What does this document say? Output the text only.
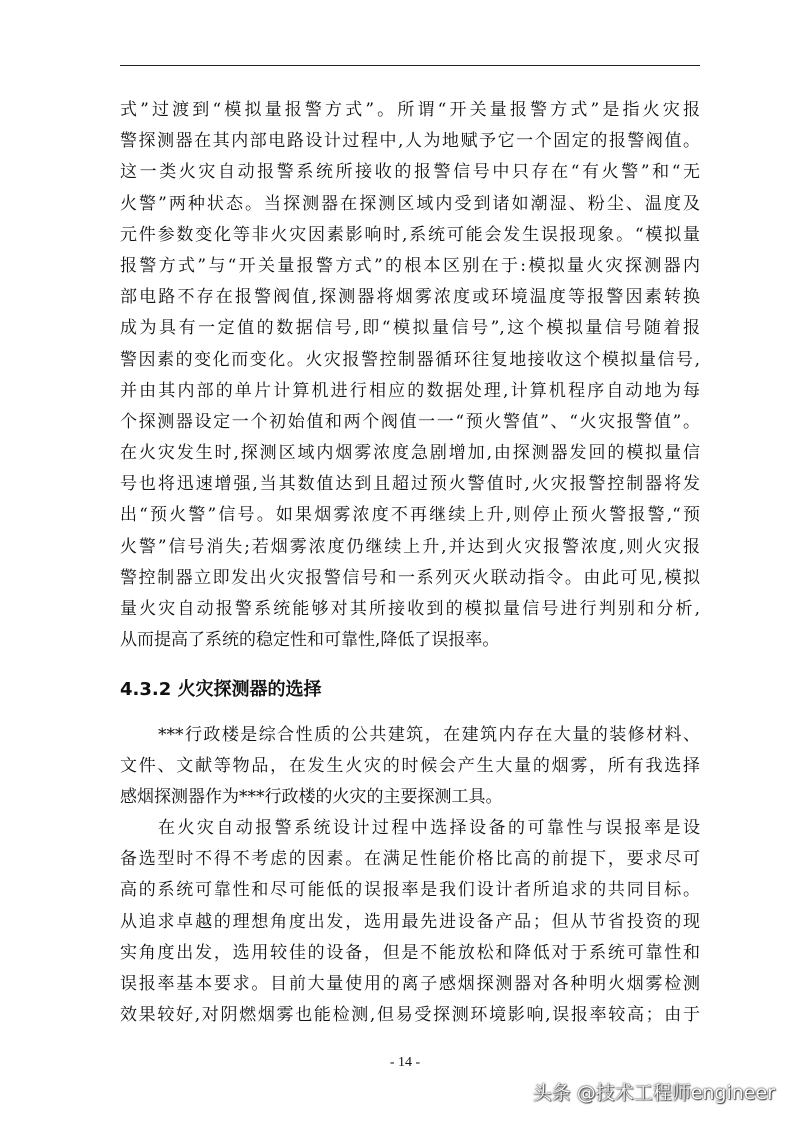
式”过渡到“模拟量报警方式”。所谓“开关量报警方式”是指火灾报
警探测器在其内部电路设计过程中,人为地赋予它一个固定的报警阀值。
这一类火灾自动报警系统所接收的报警信号中只存在“有火警”和“无
火警”两种状态。当探测器在探测区域内受到诸如潮湿、粉尘、温度及
元件参数变化等非火灾因素影响时,系统可能会发生误报现象。“模拟量
报警方式”与“开关量报警方式”的根本区别在于:模拟量火灾探测器内
部电路不存在报警阀值,探测器将烟雾浓度或环境温度等报警因素转换
成为具有一定值的数据信号,即“模拟量信号”,这个模拟量信号随着报
警因素的变化而变化。火灾报警控制器循环往复地接收这个模拟量信号,
并由其内部的单片计算机进行相应的数据处理,计算机程序自动地为每
个探测器设定一个初始值和两个阀值一一“预火警值”、“火灾报警值”。
在火灾发生时,探测区域内烟雾浓度急剧增加,由探测器发回的模拟量信
号也将迅速增强,当其数值达到且超过预火警值时,火灾报警控制器将发
出“预火警”信号。如果烟雾浓度不再继续上升,则停止预火警报警,“预
火警”信号消失;若烟雾浓度仍继续上升,并达到火灾报警浓度,则火灾报
警控制器立即发出火灾报警信号和一系列灭火联动指令。由此可见,模拟
量火灾自动报警系统能够对其所接收到的模拟量信号进行判别和分析,
从而提高了系统的稳定性和可靠性,降低了误报率。
4.3.2 火灾探测器的选择
***行政楼是综合性质的公共建筑，在建筑内存在大量的装修材料、
文件、文献等物品，在发生火灾的时候会产生大量的烟雾，所有我选择
感烟探测器作为***行政楼的火灾的主要探测工具。
在火灾自动报警系统设计过程中选择设备的可靠性与误报率是设
备选型时不得不考虑的因素。在满足性能价格比高的前提下，要求尽可
高的系统可靠性和尽可能低的误报率是我们设计者所追求的共同目标。
从追求卓越的理想角度出发，选用最先进设备产品；但从节省投资的现
实角度出发，选用较佳的设备，但是不能放松和降低对于系统可靠性和
误报率基本要求。目前大量使用的离子感烟探测器对各种明火烟雾检测
效果较好,对阴燃烟雾也能检测,但易受探测环境影响,误报率较高；由于
- 14 -
头条 @技术工程师engineer
